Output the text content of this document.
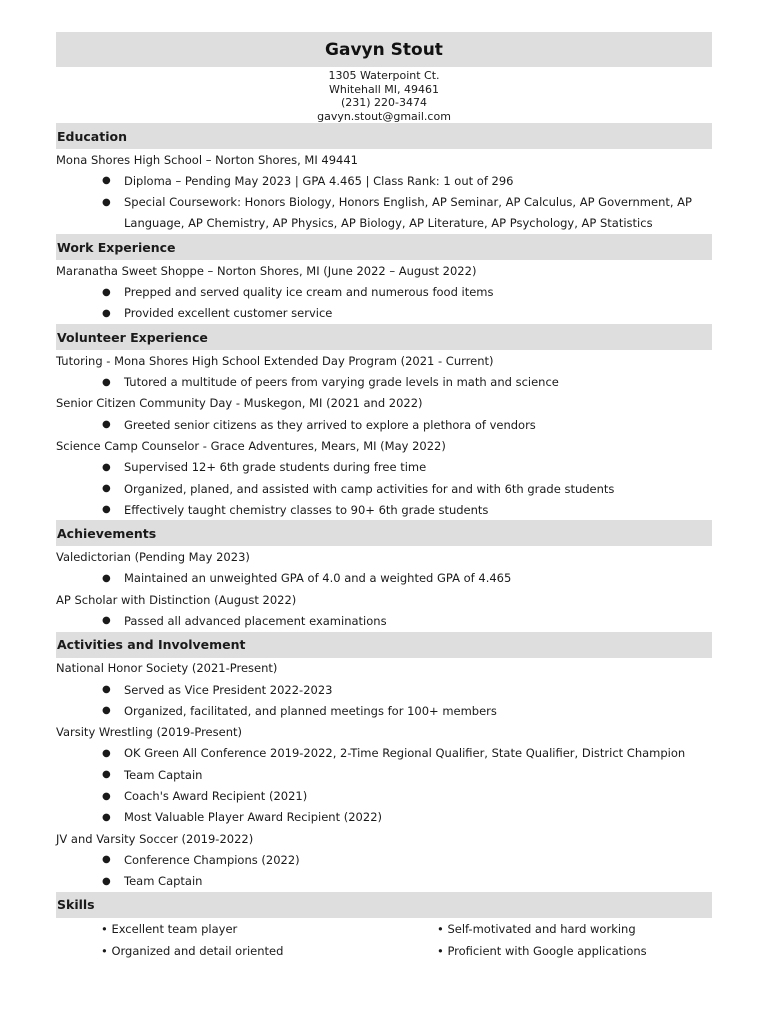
Gavyn Stout
1305 Waterpoint Ct.
Whitehall MI, 49461
(231) 220-3474
gavyn.stout@gmail.com
Education
Mona Shores High School – Norton Shores, MI 49441
●	Diploma – Pending May 2023 | GPA 4.465 | Class Rank: 1 out of 296
●	Special Coursework: Honors Biology, Honors English, AP Seminar, AP Calculus, AP Government, AP Language, AP Chemistry, AP Physics, AP Biology, AP Literature, AP Psychology, AP Statistics
Work Experience
Maranatha Sweet Shoppe – Norton Shores, MI (June 2022 – August 2022)
●	Prepped and served quality ice cream and numerous food items
●	Provided excellent customer service
Volunteer Experience
Tutoring - Mona Shores High School Extended Day Program (2021 - Current)
●	Tutored a multitude of peers from varying grade levels in math and science
Senior Citizen Community Day - Muskegon, MI (2021 and 2022)
●	Greeted senior citizens as they arrived to explore a plethora of vendors
Science Camp Counselor - Grace Adventures, Mears, MI (May 2022)
●	Supervised 12+ 6th grade students during free time
●	Organized, planed, and assisted with camp activities for and with 6th grade students
●	Effectively taught chemistry classes to 90+ 6th grade students
Achievements
Valedictorian (Pending May 2023)
●	Maintained an unweighted GPA of 4.0 and a weighted GPA of 4.465
AP Scholar with Distinction (August 2022)
●	Passed all advanced placement examinations
Activities and Involvement
National Honor Society (2021-Present)
●	Served as Vice President 2022-2023
●	Organized, facilitated, and planned meetings for 100+ members
Varsity Wrestling (2019-Present)
●	OK Green All Conference 2019-2022, 2-Time Regional Qualifier, State Qualifier, District Champion
●	Team Captain
●	Coach's Award Recipient (2021)
●	Most Valuable Player Award Recipient (2022)
JV and Varsity Soccer (2019-2022)
●	Conference Champions (2022)
●	Team Captain
Skills
• Excellent team player	• Self-motivated and hard working
• Organized and detail oriented	• Proficient with Google applications
